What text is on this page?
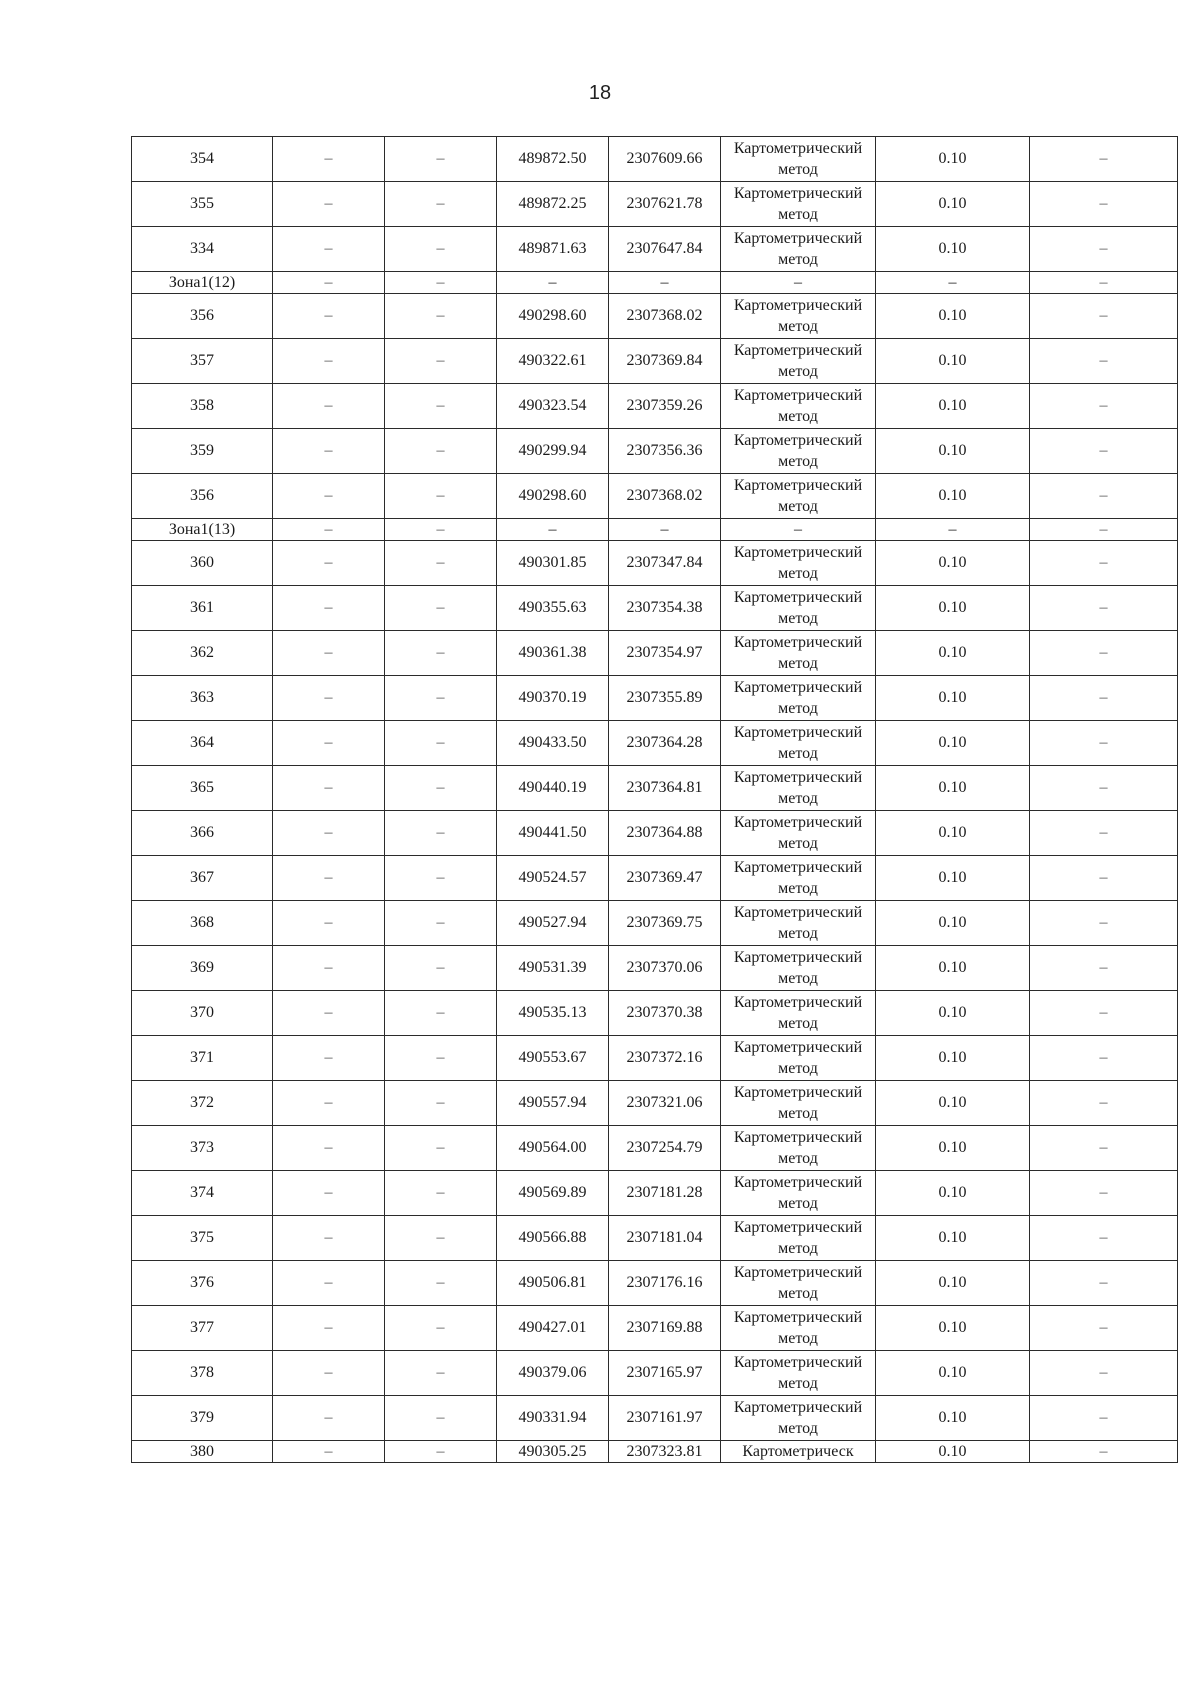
18
354	–	–	489872.50	2307609.66	Картометрический метод	0.10	–
355	–	–	489872.25	2307621.78	Картометрический метод	0.10	–
334	–	–	489871.63	2307647.84	Картометрический метод	0.10	–
Зона1(12)	–	–	–	–	–	–	–
356	–	–	490298.60	2307368.02	Картометрический метод	0.10	–
357	–	–	490322.61	2307369.84	Картометрический метод	0.10	–
358	–	–	490323.54	2307359.26	Картометрический метод	0.10	–
359	–	–	490299.94	2307356.36	Картометрический метод	0.10	–
356	–	–	490298.60	2307368.02	Картометрический метод	0.10	–
Зона1(13)	–	–	–	–	–	–	–
360	–	–	490301.85	2307347.84	Картометрический метод	0.10	–
361	–	–	490355.63	2307354.38	Картометрический метод	0.10	–
362	–	–	490361.38	2307354.97	Картометрический метод	0.10	–
363	–	–	490370.19	2307355.89	Картометрический метод	0.10	–
364	–	–	490433.50	2307364.28	Картометрический метод	0.10	–
365	–	–	490440.19	2307364.81	Картометрический метод	0.10	–
366	–	–	490441.50	2307364.88	Картометрический метод	0.10	–
367	–	–	490524.57	2307369.47	Картометрический метод	0.10	–
368	–	–	490527.94	2307369.75	Картометрический метод	0.10	–
369	–	–	490531.39	2307370.06	Картометрический метод	0.10	–
370	–	–	490535.13	2307370.38	Картометрический метод	0.10	–
371	–	–	490553.67	2307372.16	Картометрический метод	0.10	–
372	–	–	490557.94	2307321.06	Картометрический метод	0.10	–
373	–	–	490564.00	2307254.79	Картометрический метод	0.10	–
374	–	–	490569.89	2307181.28	Картометрический метод	0.10	–
375	–	–	490566.88	2307181.04	Картометрический метод	0.10	–
376	–	–	490506.81	2307176.16	Картометрический метод	0.10	–
377	–	–	490427.01	2307169.88	Картометрический метод	0.10	–
378	–	–	490379.06	2307165.97	Картометрический метод	0.10	–
379	–	–	490331.94	2307161.97	Картометрический метод	0.10	–
380	–	–	490305.25	2307323.81	Картометрическ	0.10	–
